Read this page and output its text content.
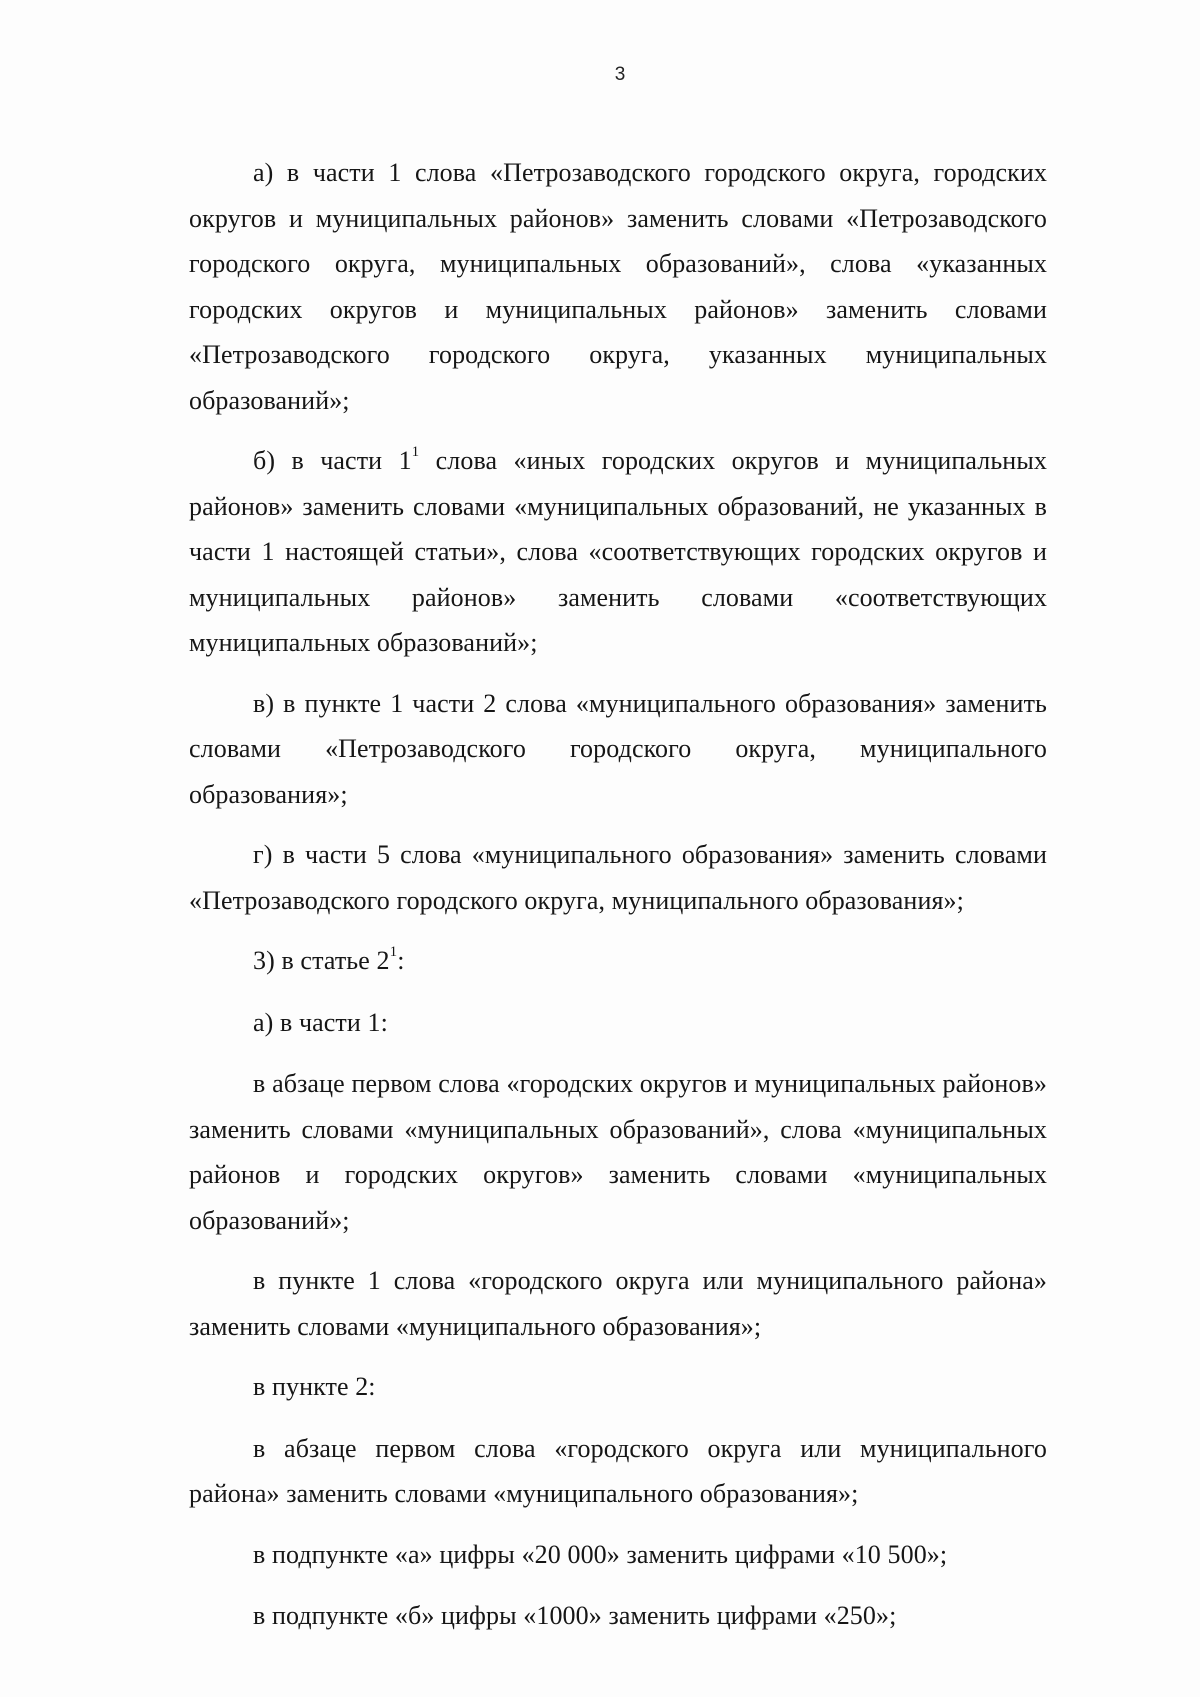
3

а) в части 1 слова «Петрозаводского городского округа, городских округов и муниципальных районов» заменить словами «Петрозаводского городского округа, муниципальных образований», слова «указанных городских округов и муниципальных районов» заменить словами «Петрозаводского городского округа, указанных муниципальных образований»;

б) в части $1^1$ слова «иных городских округов и муниципальных районов» заменить словами «муниципальных образований, не указанных в части 1 настоящей статьи», слова «соответствующих городских округов и муниципальных районов» заменить словами «соответствующих муниципальных образований»;

в) в пункте 1 части 2 слова «муниципального образования» заменить словами «Петрозаводского городского округа, муниципального образования»;

г) в части 5 слова «муниципального образования» заменить словами «Петрозаводского городского округа, муниципального образования»;

3) в статье $2^1$:

а) в части 1:

в абзаце первом слова «городских округов и муниципальных районов» заменить словами «муниципальных образований», слова «муниципальных районов и городских округов» заменить словами «муниципальных образований»;

в пункте 1 слова «городского округа или муниципального района» заменить словами «муниципального образования»;

в пункте 2:

в абзаце первом слова «городского округа или муниципального района» заменить словами «муниципального образования»;

в подпункте «а» цифры «20 000» заменить цифрами «10 500»;

в подпункте «б» цифры «1000» заменить цифрами «250»;
